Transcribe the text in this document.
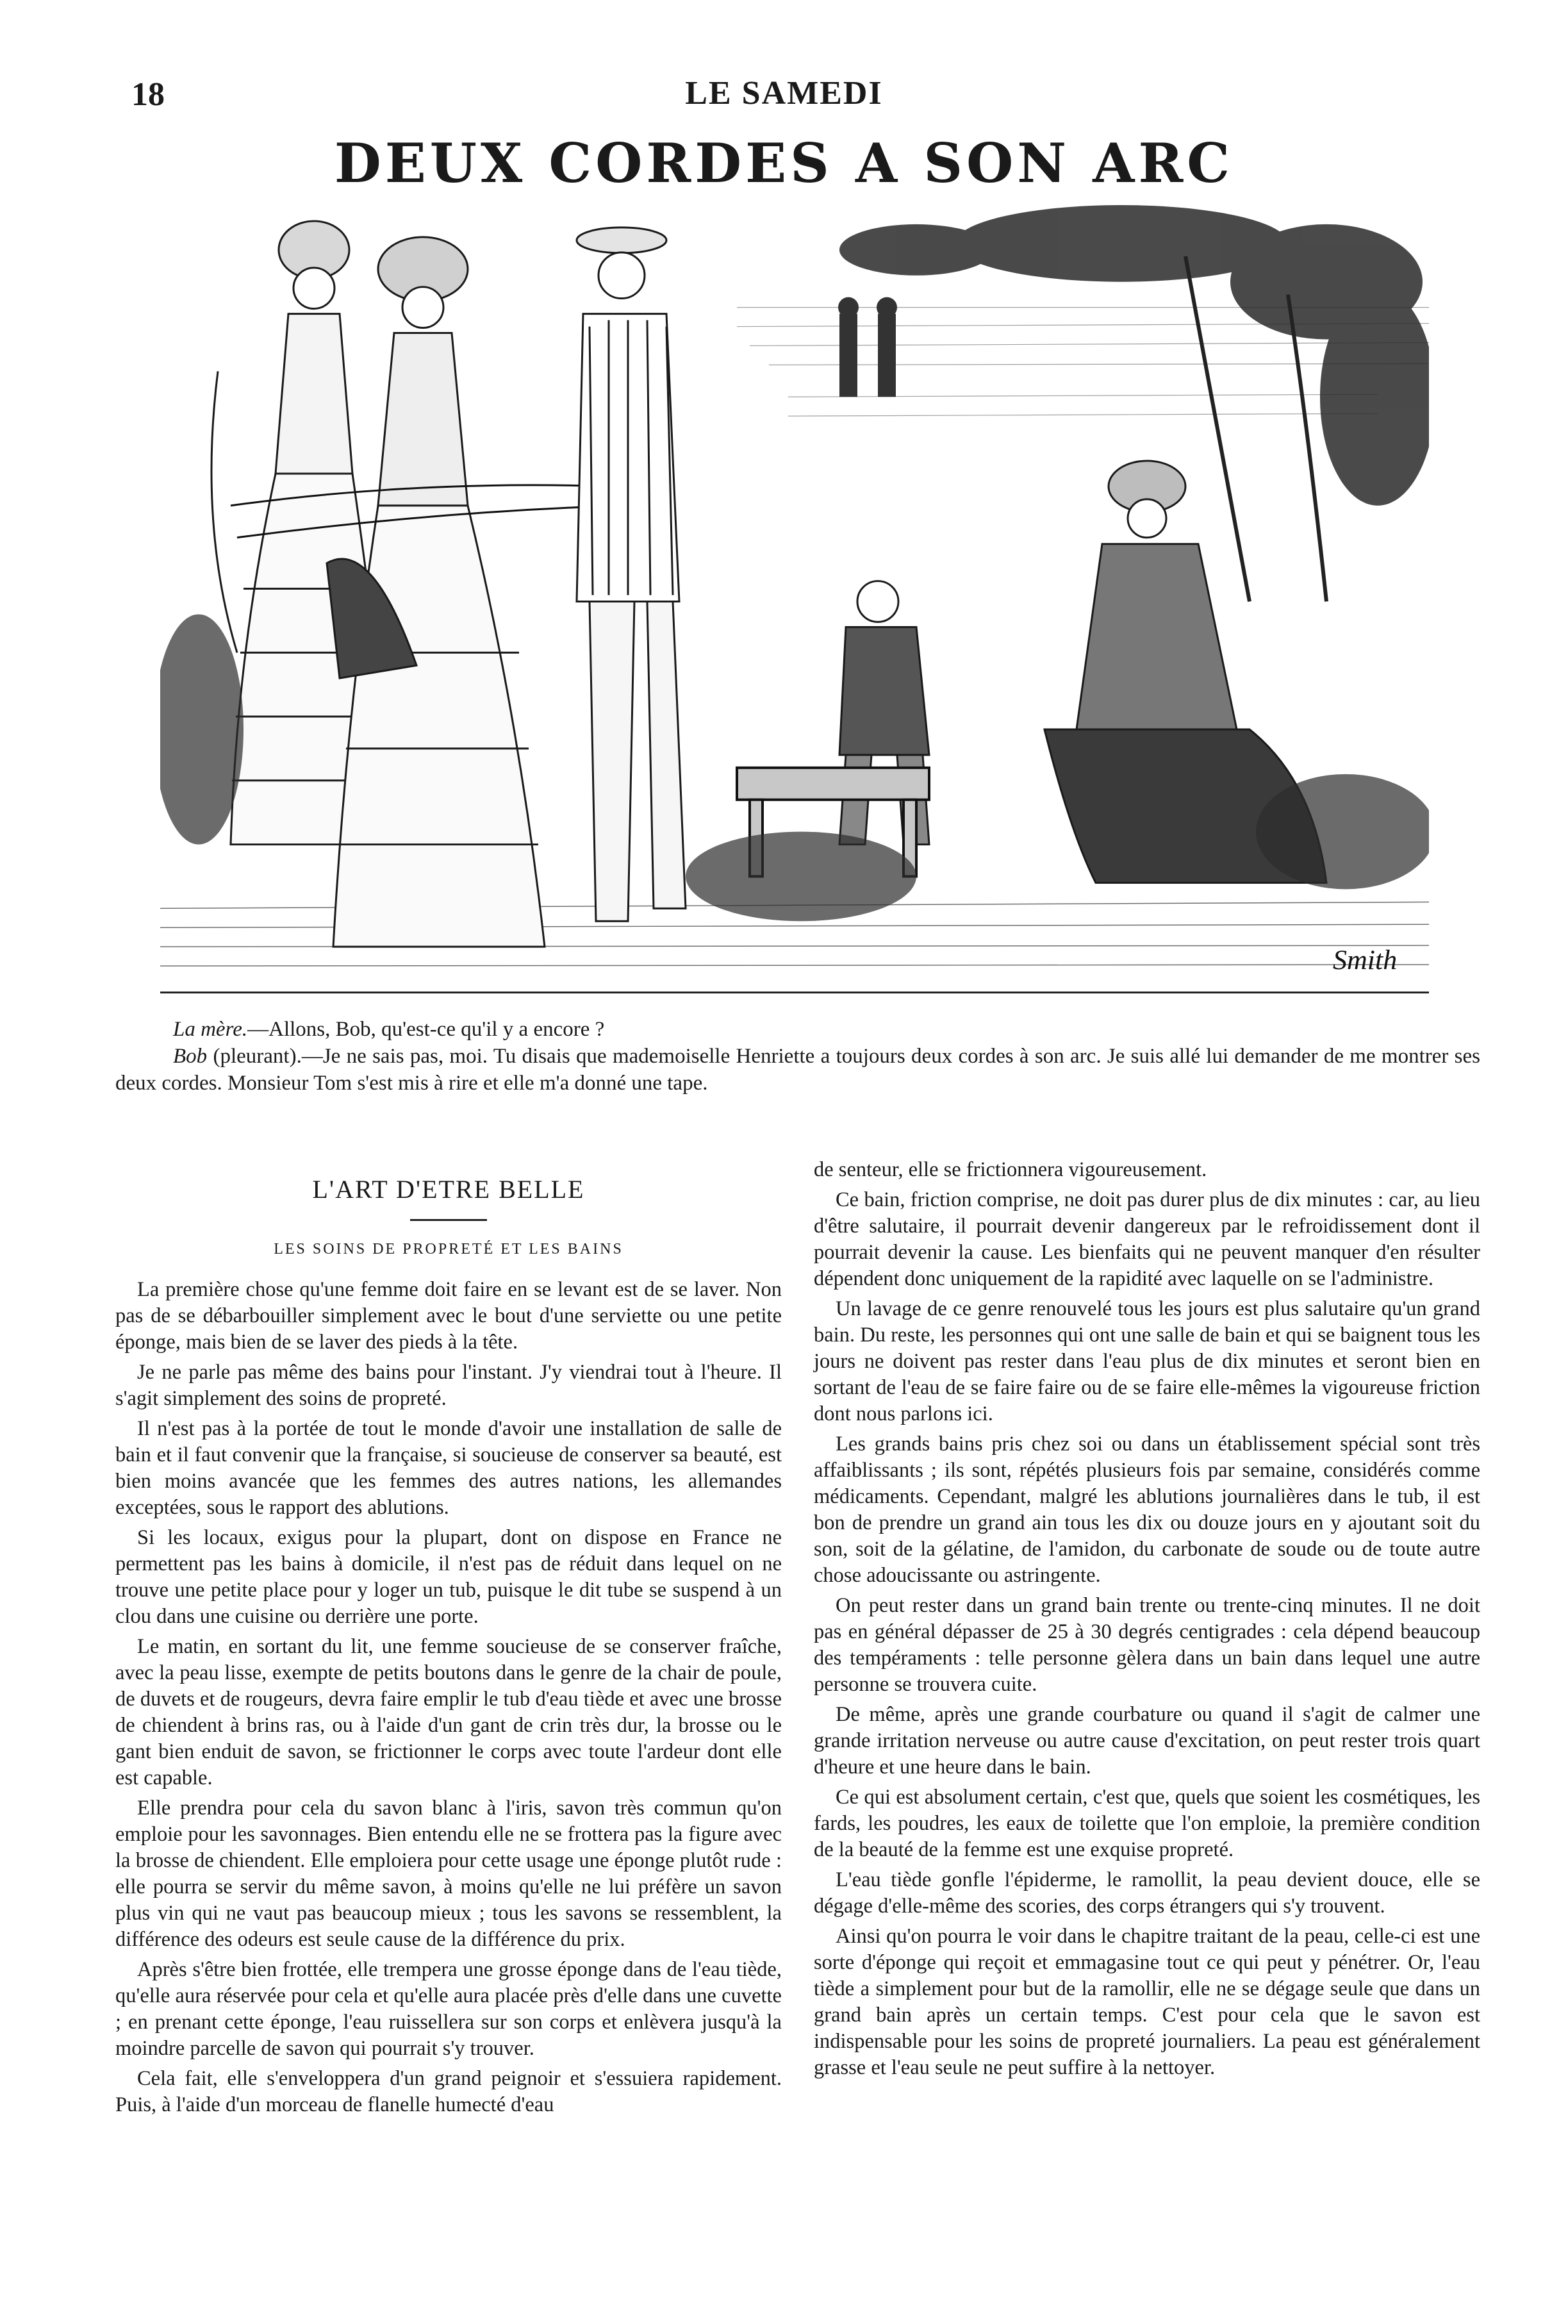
18	LE SAMEDI
DEUX CORDES A SON ARC
Smith

La mère.—Allons, Bob, qu'est-ce qu'il y a encore ?

Bob (pleurant).—Je ne sais pas, moi. Tu disais que mademoiselle Henriette a toujours deux cordes à son arc. Je suis allé lui demander de me montrer ses deux cordes. Monsieur Tom s'est mis à rire et elle m'a donné une tape.

L'ART D'ETRE BELLE
LES SOINS DE PROPRETÉ ET LES BAINS

La première chose qu'une femme doit faire en se levant est de se laver. Non pas de se débarbouiller simplement avec le bout d'une serviette ou une petite éponge, mais bien de se laver des pieds à la tête.

Je ne parle pas même des bains pour l'instant. J'y viendrai tout à l'heure. Il s'agit simplement des soins de propreté.

Il n'est pas à la portée de tout le monde d'avoir une installation de salle de bain et il faut convenir que la française, si soucieuse de conserver sa beauté, est bien moins avancée que les femmes des autres nations, les allemandes exceptées, sous le rapport des ablutions.

Si les locaux, exigus pour la plupart, dont on dispose en France ne permettent pas les bains à domicile, il n'est pas de réduit dans lequel on ne trouve une petite place pour y loger un tub, puisque le dit tube se suspend à un clou dans une cuisine ou derrière une porte.

Le matin, en sortant du lit, une femme soucieuse de se conserver fraîche, avec la peau lisse, exempte de petits boutons dans le genre de la chair de poule, de duvets et de rougeurs, devra faire emplir le tub d'eau tiède et avec une brosse de chiendent à brins ras, ou à l'aide d'un gant de crin très dur, la brosse ou le gant bien enduit de savon, se frictionner le corps avec toute l'ardeur dont elle est capable.

Elle prendra pour cela du savon blanc à l'iris, savon très commun qu'on emploie pour les savonnages. Bien entendu elle ne se frottera pas la figure avec la brosse de chiendent. Elle emploiera pour cette usage une éponge plutôt rude : elle pourra se servir du même savon, à moins qu'elle ne lui préfère un savon plus vin qui ne vaut pas beaucoup mieux ; tous les savons se ressemblent, la différence des odeurs est seule cause de la différence du prix.

Après s'être bien frottée, elle trempera une grosse éponge dans de l'eau tiède, qu'elle aura réservée pour cela et qu'elle aura placée près d'elle dans une cuvette ; en prenant cette éponge, l'eau ruissellera sur son corps et enlèvera jusqu'à la moindre parcelle de savon qui pourrait s'y trouver.

Cela fait, elle s'enveloppera d'un grand peignoir et s'essuiera rapidement. Puis, à l'aide d'un morceau de flanelle humecté d'eau

de senteur, elle se frictionnera vigoureusement.

Ce bain, friction comprise, ne doit pas durer plus de dix minutes : car, au lieu d'être salutaire, il pourrait devenir dangereux par le refroidissement dont il pourrait devenir la cause. Les bienfaits qui ne peuvent manquer d'en résulter dépendent donc uniquement de la rapidité avec laquelle on se l'administre.

Un lavage de ce genre renouvelé tous les jours est plus salutaire qu'un grand bain. Du reste, les personnes qui ont une salle de bain et qui se baignent tous les jours ne doivent pas rester dans l'eau plus de dix minutes et seront bien en sortant de l'eau de se faire faire ou de se faire elle-mêmes la vigoureuse friction dont nous parlons ici.

Les grands bains pris chez soi ou dans un établissement spécial sont très affaiblissants ; ils sont, répétés plusieurs fois par semaine, considérés comme médicaments. Cependant, malgré les ablutions journalières dans le tub, il est bon de prendre un grand ain tous les dix ou douze jours en y ajoutant soit du son, soit de la gélatine, de l'amidon, du carbonate de soude ou de toute autre chose adoucissante ou astringente.

On peut rester dans un grand bain trente ou trente-cinq minutes. Il ne doit pas en général dépasser de 25 à 30 degrés centigrades : cela dépend beaucoup des tempéraments : telle personne gèlera dans un bain dans lequel une autre personne se trouvera cuite.

De même, après une grande courbature ou quand il s'agit de calmer une grande irritation nerveuse ou autre cause d'excitation, on peut rester trois quart d'heure et une heure dans le bain.

Ce qui est absolument certain, c'est que, quels que soient les cosmétiques, les fards, les poudres, les eaux de toilette que l'on emploie, la première condition de la beauté de la femme est une exquise propreté.

L'eau tiède gonfle l'épiderme, le ramollit, la peau devient douce, elle se dégage d'elle-même des scories, des corps étrangers qui s'y trouvent.

Ainsi qu'on pourra le voir dans le chapitre traitant de la peau, celle-ci est une sorte d'éponge qui reçoit et emmagasine tout ce qui peut y pénétrer. Or, l'eau tiède a simplement pour but de la ramollir, elle ne se dégage seule que dans un grand bain après un certain temps. C'est pour cela que le savon est indispensable pour les soins de propreté journaliers. La peau est généralement grasse et l'eau seule ne peut suffire à la nettoyer.
